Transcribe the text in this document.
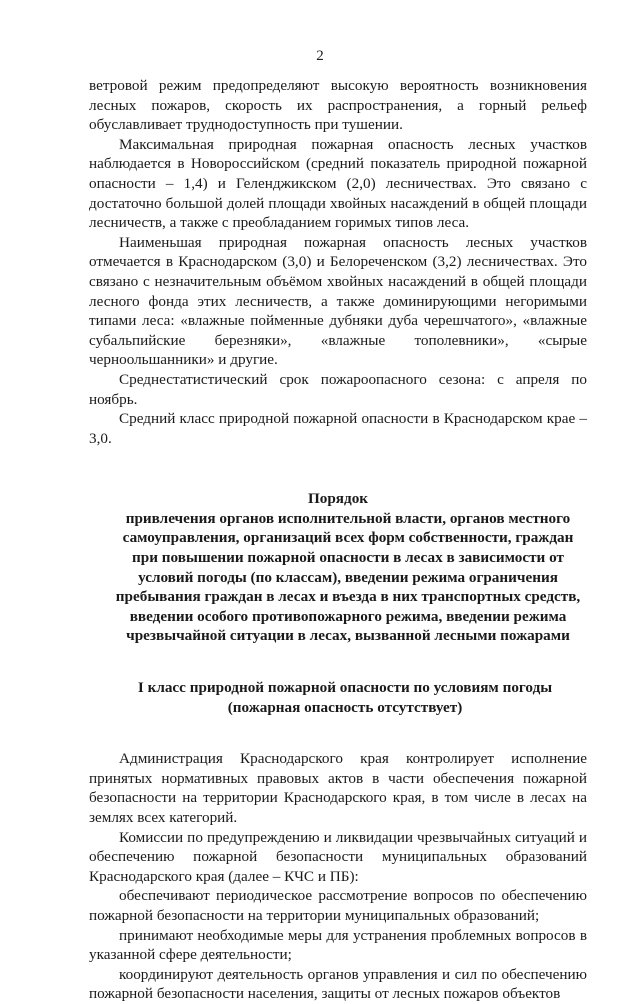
2

ветровой режим предопределяют высокую вероятность возникновения лесных пожаров, скорость их распространения, а горный рельеф обуславливает труднодоступность при тушении.

Максимальная природная пожарная опасность лесных участков наблюдается в Новороссийском (средний показатель природной пожарной опасности – 1,4) и Геленджикском (2,0) лесничествах. Это связано с достаточно большой долей площади хвойных насаждений в общей площади лесничеств, а также с преобладанием горимых типов леса.

Наименьшая природная пожарная опасность лесных участков отмечается в Краснодарском (3,0) и Белореченском (3,2) лесничествах. Это связано с незначительным объёмом хвойных насаждений в общей площади лесного фонда этих лесничеств, а также доминирующими негоримыми типами леса: «влажные пойменные дубняки дуба черешчатого», «влажные субальпийские березняки», «влажные тополевники», «сырые черноольшанники» и другие.

Среднестатистический срок пожароопасного сезона: с апреля по ноябрь.

Средний класс природной пожарной опасности в Краснодарском крае – 3,0.

Порядок

привлечения органов исполнительной власти, органов местного самоуправления, организаций всех форм собственности, граждан при повышении пожарной опасности в лесах в зависимости от условий погоды (по классам), введении режима ограничения пребывания граждан в лесах и въезда в них транспортных средств, введении особого противопожарного режима, введении режима чрезвычайной ситуации в лесах, вызванной лесными пожарами

I класс природной пожарной опасности по условиям погоды

(пожарная опасность отсутствует)

Администрация Краснодарского края контролирует исполнение принятых нормативных правовых актов в части обеспечения пожарной безопасности на территории Краснодарского края, в том числе в лесах на землях всех категорий.

Комиссии по предупреждению и ликвидации чрезвычайных ситуаций и обеспечению пожарной безопасности муниципальных образований Краснодарского края (далее – КЧС и ПБ):

обеспечивают периодическое рассмотрение вопросов по обеспечению пожарной безопасности на территории муниципальных образований;

принимают необходимые меры для устранения проблемных вопросов в указанной сфере деятельности;

координируют деятельность органов управления и сил по обеспечению пожарной безопасности населения, защиты от лесных пожаров объектов
